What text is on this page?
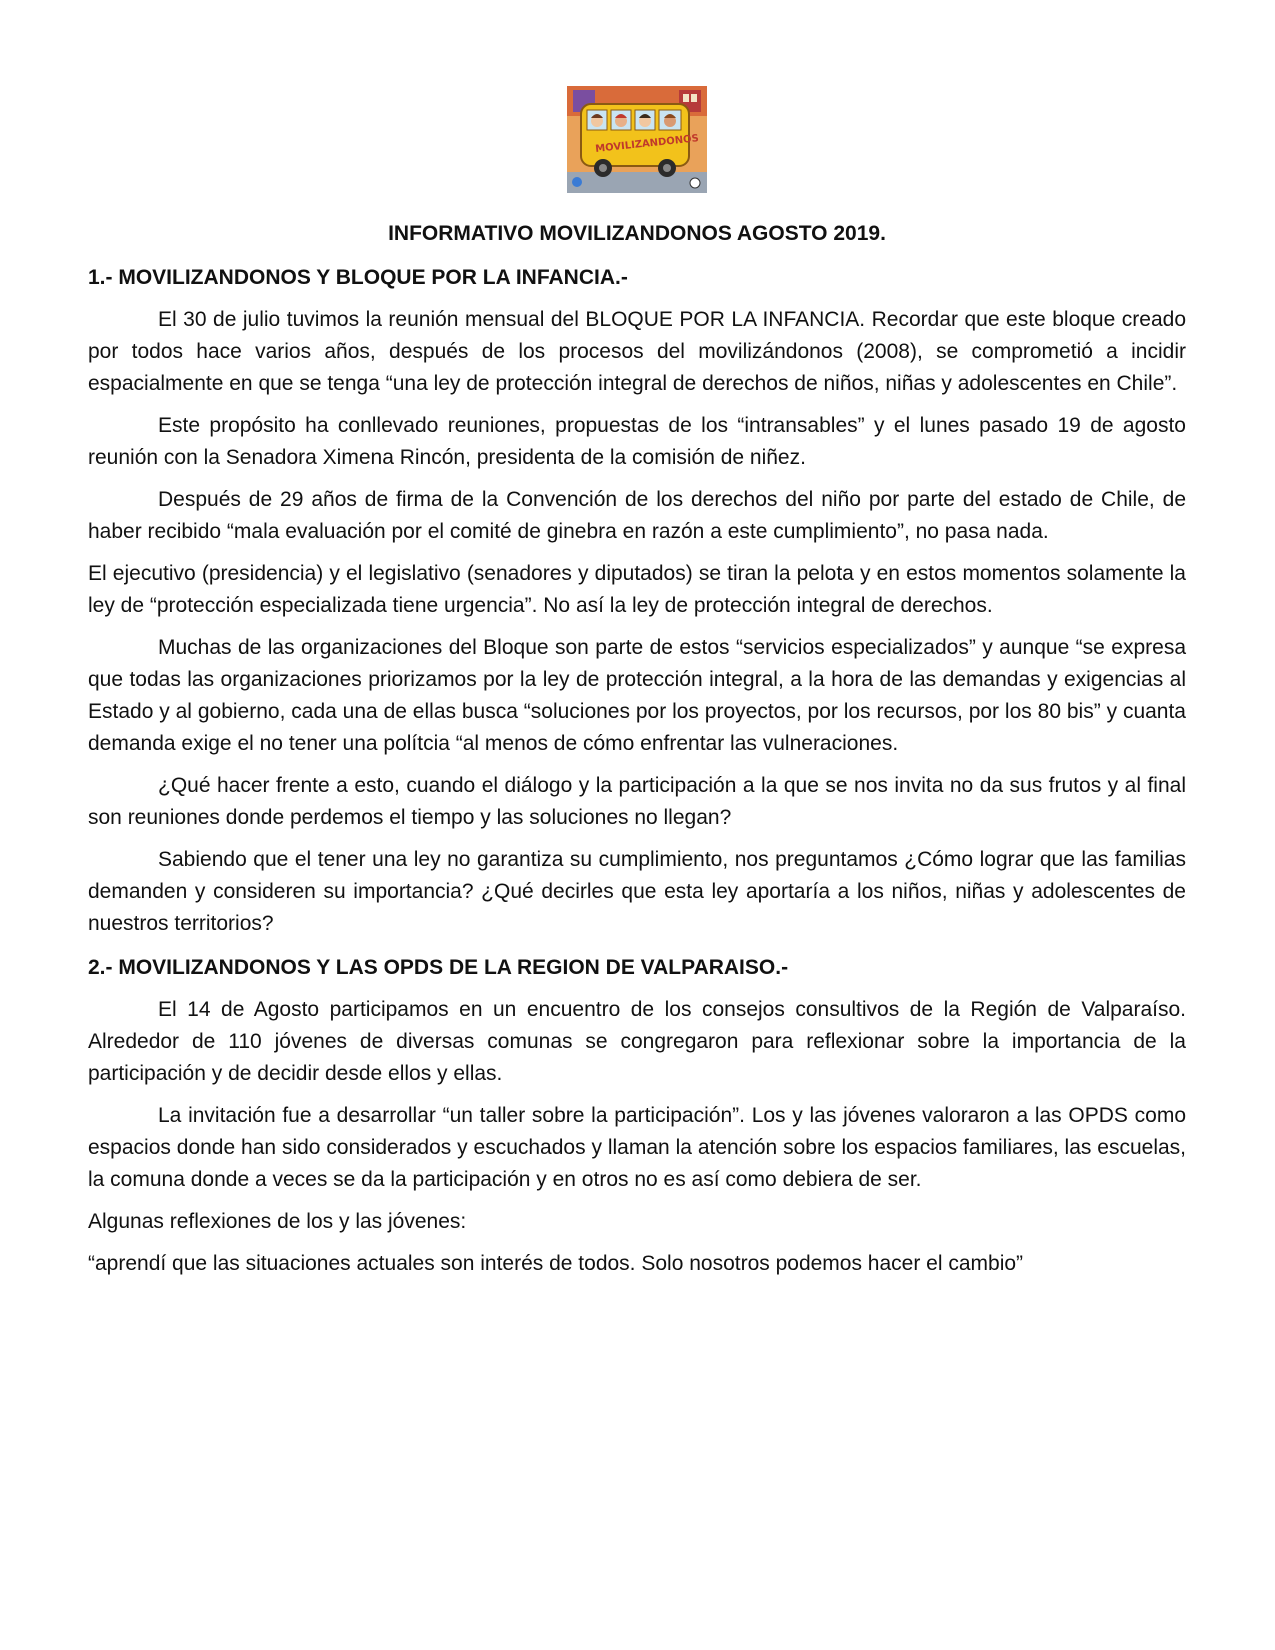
MOVILIZANDONOS
INFORMATIVO MOVILIZANDONOS AGOSTO 2019.
1.- MOVILIZANDONOS Y BLOQUE POR LA INFANCIA.-

El 30 de julio tuvimos la reunión mensual del BLOQUE POR LA INFANCIA. Recordar que este bloque creado por todos hace varios años, después de los procesos del movilizándonos (2008), se comprometió a incidir espacialmente en que se tenga “una ley de protección integral de derechos de niños, niñas y adolescentes en Chile”.

Este propósito ha conllevado reuniones, propuestas de los “intransables” y el lunes pasado 19 de agosto reunión con la Senadora Ximena Rincón, presidenta de la comisión de niñez.

Después de 29 años de firma de la Convención de los derechos del niño por parte del estado de Chile, de haber recibido “mala evaluación por el comité de ginebra en razón a este cumplimiento”, no pasa nada.

El ejecutivo (presidencia) y el legislativo (senadores y diputados) se tiran la pelota y en estos momentos solamente la ley de “protección especializada tiene urgencia”. No así la ley de protección integral de derechos.

Muchas de las organizaciones del Bloque son parte de estos “servicios especializados” y aunque “se expresa que todas las organizaciones priorizamos por la ley de protección integral, a la hora de las demandas y exigencias al Estado y al gobierno, cada una de ellas busca “soluciones por los proyectos, por los recursos, por los 80 bis” y cuanta demanda exige el no tener una polítcia “al menos de cómo enfrentar las vulneraciones.

¿Qué hacer frente a esto, cuando el diálogo y la participación a la que se nos invita no da sus frutos y al final son reuniones donde perdemos el tiempo y las soluciones no llegan?

Sabiendo que el tener una ley no garantiza su cumplimiento, nos preguntamos ¿Cómo lograr que las familias demanden y consideren su importancia? ¿Qué decirles que esta ley aportaría a los niños, niñas y adolescentes de nuestros territorios?

2.- MOVILIZANDONOS Y LAS OPDS DE LA REGION DE VALPARAISO.-

El 14 de Agosto participamos en un encuentro de los consejos consultivos de la Región de Valparaíso. Alrededor de 110 jóvenes de diversas comunas se congregaron para reflexionar sobre la importancia de la participación y de decidir desde ellos y ellas.

La invitación fue a desarrollar “un taller sobre la participación”. Los y las jóvenes valoraron a las OPDS como espacios donde han sido considerados y escuchados y llaman la atención sobre los espacios familiares, las escuelas, la comuna donde a veces se da la participación y en otros no es así como debiera de ser.

Algunas reflexiones de los y las jóvenes:

“aprendí que las situaciones actuales son interés de todos. Solo nosotros podemos hacer el cambio”
